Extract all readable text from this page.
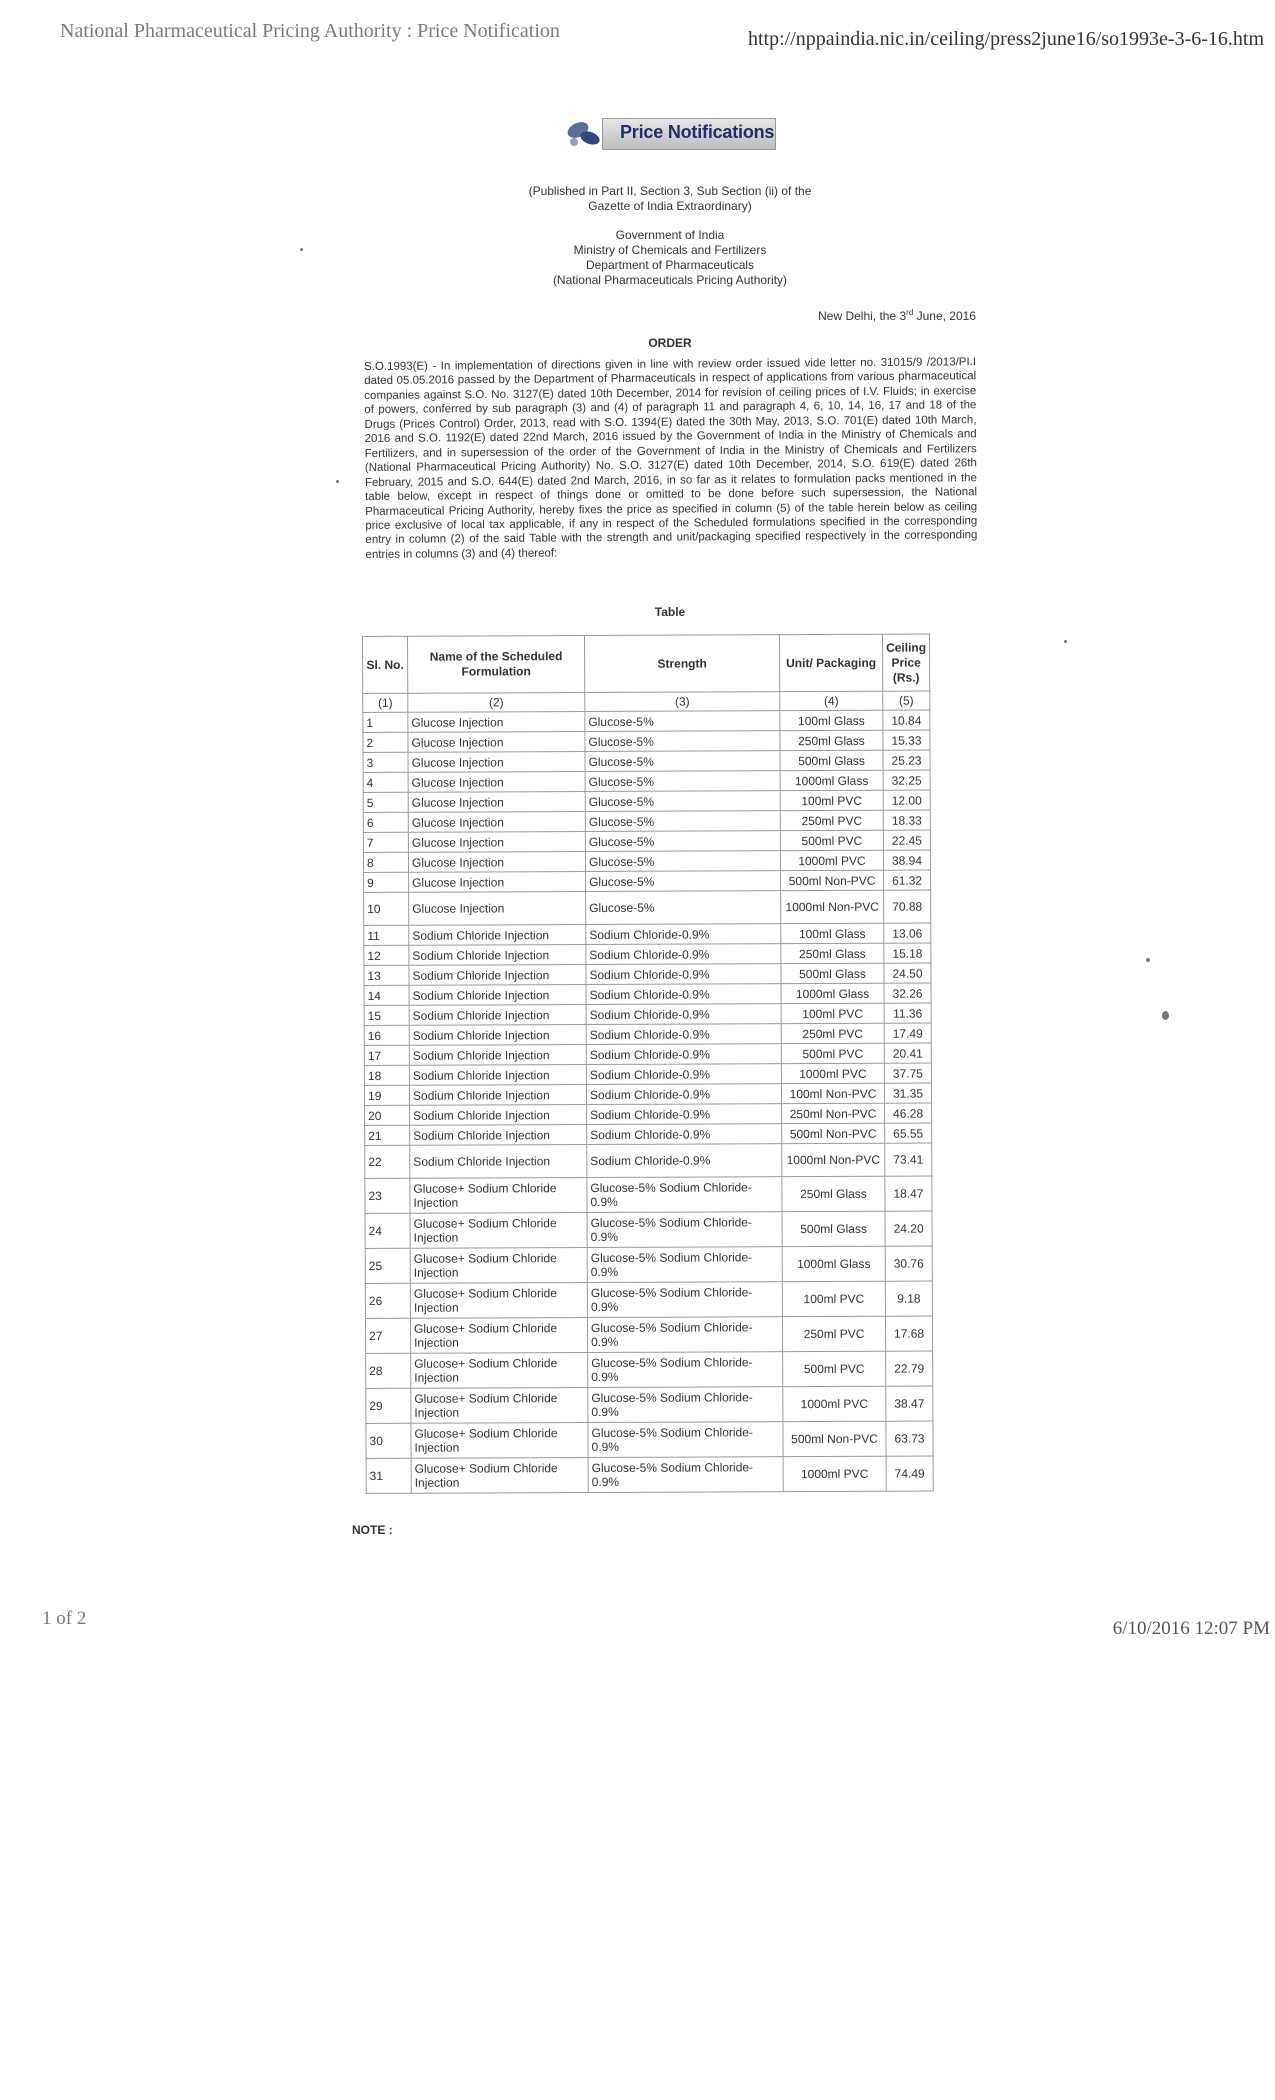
National Pharmaceutical Pricing Authority : Price Notification	http://nppaindia.nic.in/ceiling/press2june16/so1993e-3-6-16.htm
Price Notifications
(Published in Part II, Section 3, Sub Section (ii) of the
Gazette of India Extraordinary)
Government of India
Ministry of Chemicals and Fertilizers
Department of Pharmaceuticals
(National Pharmaceuticals Pricing Authority)
New Delhi, the 3rd June, 2016
ORDER
S.O.1993(E) - In implementation of directions given in line with review order issued vide letter no. 31015/9 /2013/PI.I dated 05.05.2016 passed by the Department of Pharmaceuticals in respect of applications from various pharmaceutical companies against S.O. No. 3127(E) dated 10th December, 2014 for revision of ceiling prices of I.V. Fluids; in exercise of powers, conferred by sub paragraph (3) and (4) of paragraph 11 and paragraph 4, 6, 10, 14, 16, 17 and 18 of the Drugs (Prices Control) Order, 2013, read with S.O. 1394(E) dated the 30th May, 2013, S.O. 701(E) dated 10th March, 2016 and S.O. 1192(E) dated 22nd March, 2016 issued by the Government of India in the Ministry of Chemicals and Fertilizers, and in supersession of the order of the Government of India in the Ministry of Chemicals and Fertilizers (National Pharmaceutical Pricing Authority) No. S.O. 3127(E) dated 10th December, 2014, S.O. 619(E) dated 26th February, 2015 and S.O. 644(E) dated 2nd March, 2016, in so far as it relates to formulation packs mentioned in the table below, except in respect of things done or omitted to be done before such supersession, the National Pharmaceutical Pricing Authority, hereby fixes the price as specified in column (5) of the table herein below as ceiling price exclusive of local tax applicable, if any in respect of the Scheduled formulations specified in the corresponding entry in column (2) of the said Table with the strength and unit/packaging specified respectively in the corresponding entries in columns (3) and (4) thereof:
Table
Sl. No.	Name of the Scheduled Formulation	Strength	Unit/ Packaging	Ceiling Price (Rs.)
(1)	(2)	(3)	(4)	(5)
1	Glucose Injection	Glucose-5%	100ml Glass	10.84
2	Glucose Injection	Glucose-5%	250ml Glass	15.33
3	Glucose Injection	Glucose-5%	500ml Glass	25.23
4	Glucose Injection	Glucose-5%	1000ml Glass	32.25
5	Glucose Injection	Glucose-5%	100ml PVC	12.00
6	Glucose Injection	Glucose-5%	250ml PVC	18.33
7	Glucose Injection	Glucose-5%	500ml PVC	22.45
8	Glucose Injection	Glucose-5%	1000ml PVC	38.94
9	Glucose Injection	Glucose-5%	500ml Non-PVC	61.32
10	Glucose Injection	Glucose-5%	1000ml Non-PVC	70.88
11	Sodium Chloride Injection	Sodium Chloride-0.9%	100ml Glass	13.06
12	Sodium Chloride Injection	Sodium Chloride-0.9%	250ml Glass	15.18
13	Sodium Chloride Injection	Sodium Chloride-0.9%	500ml Glass	24.50
14	Sodium Chloride Injection	Sodium Chloride-0.9%	1000ml Glass	32.26
15	Sodium Chloride Injection	Sodium Chloride-0.9%	100ml PVC	11.36
16	Sodium Chloride Injection	Sodium Chloride-0.9%	250ml PVC	17.49
17	Sodium Chloride Injection	Sodium Chloride-0.9%	500ml PVC	20.41
18	Sodium Chloride Injection	Sodium Chloride-0.9%	1000ml PVC	37.75
19	Sodium Chloride Injection	Sodium Chloride-0.9%	100ml Non-PVC	31.35
20	Sodium Chloride Injection	Sodium Chloride-0.9%	250ml Non-PVC	46.28
21	Sodium Chloride Injection	Sodium Chloride-0.9%	500ml Non-PVC	65.55
22	Sodium Chloride Injection	Sodium Chloride-0.9%	1000ml Non-PVC	73.41
23	Glucose+ Sodium Chloride Injection	Glucose-5% Sodium Chloride-0.9%	250ml Glass	18.47
24	Glucose+ Sodium Chloride Injection	Glucose-5% Sodium Chloride-0.9%	500ml Glass	24.20
25	Glucose+ Sodium Chloride Injection	Glucose-5% Sodium Chloride-0.9%	1000ml Glass	30.76
26	Glucose+ Sodium Chloride Injection	Glucose-5% Sodium Chloride-0.9%	100ml PVC	9.18
27	Glucose+ Sodium Chloride Injection	Glucose-5% Sodium Chloride-0.9%	250ml PVC	17.68
28	Glucose+ Sodium Chloride Injection	Glucose-5% Sodium Chloride-0.9%	500ml PVC	22.79
29	Glucose+ Sodium Chloride Injection	Glucose-5% Sodium Chloride-0.9%	1000ml PVC	38.47
30	Glucose+ Sodium Chloride Injection	Glucose-5% Sodium Chloride-0.9%	500ml Non-PVC	63.73
31	Glucose+ Sodium Chloride Injection	Glucose-5% Sodium Chloride-0.9%	1000ml PVC	74.49
NOTE :
1 of 2	6/10/2016 12:07 PM
